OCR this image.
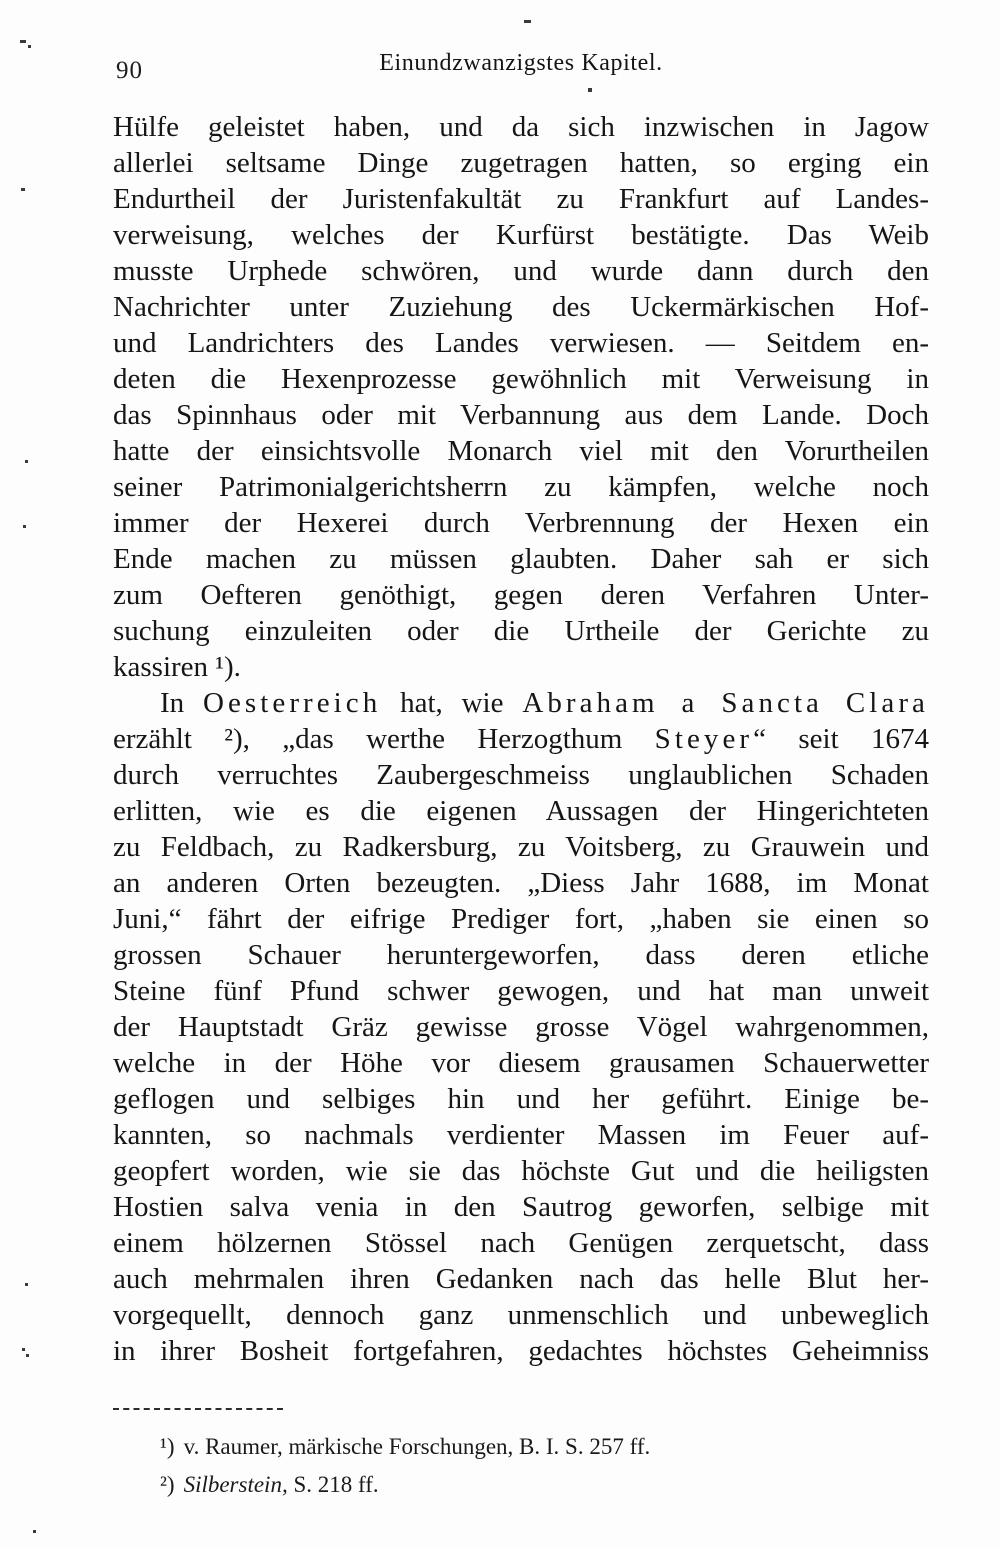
90	Einundzwanzigstes Kapitel.
Hülfe geleistet haben, und da sich inzwischen in Jagow
allerlei seltsame Dinge zugetragen hatten, so erging ein
Endurtheil der Juristenfakultät zu Frankfurt auf Landes-
verweisung, welches der Kurfürst bestätigte. Das Weib
musste Urphede schwören, und wurde dann durch den
Nachrichter unter Zuziehung des Uckermärkischen Hof-
und Landrichters des Landes verwiesen. — Seitdem en-
deten die Hexenprozesse gewöhnlich mit Verweisung in
das Spinnhaus oder mit Verbannung aus dem Lande. Doch
hatte der einsichtsvolle Monarch viel mit den Vorurtheilen
seiner Patrimonialgerichtsherrn zu kämpfen, welche noch
immer der Hexerei durch Verbrennung der Hexen ein
Ende machen zu müssen glaubten. Daher sah er sich
zum Oefteren genöthigt, gegen deren Verfahren Unter-
suchung einzuleiten oder die Urtheile der Gerichte zu
kassiren ¹).
In Oesterreich hat, wie Abraham a Sancta Clara
erzählt ²), „das werthe Herzogthum Steyer“ seit 1674
durch verruchtes Zaubergeschmeiss unglaublichen Schaden
erlitten, wie es die eigenen Aussagen der Hingerichteten
zu Feldbach, zu Radkersburg, zu Voitsberg, zu Grauwein und
an anderen Orten bezeugten. „Diess Jahr 1688, im Monat
Juni,“ fährt der eifrige Prediger fort, „haben sie einen so
grossen Schauer heruntergeworfen, dass deren etliche
Steine fünf Pfund schwer gewogen, und hat man unweit
der Hauptstadt Gräz gewisse grosse Vögel wahrgenommen,
welche in der Höhe vor diesem grausamen Schauerwetter
geflogen und selbiges hin und her geführt. Einige be-
kannten, so nachmals verdienter Massen im Feuer auf-
geopfert worden, wie sie das höchste Gut und die heiligsten
Hostien salva venia in den Sautrog geworfen, selbige mit
einem hölzernen Stössel nach Genügen zerquetscht, dass
auch mehrmalen ihren Gedanken nach das helle Blut her-
vorgequellt, dennoch ganz unmenschlich und unbeweglich
in ihrer Bosheit fortgefahren, gedachtes höchstes Geheimniss
¹) v. Raumer, märkische Forschungen, B. I. S. 257 ff.
²) Silberstein, S. 218 ff.
